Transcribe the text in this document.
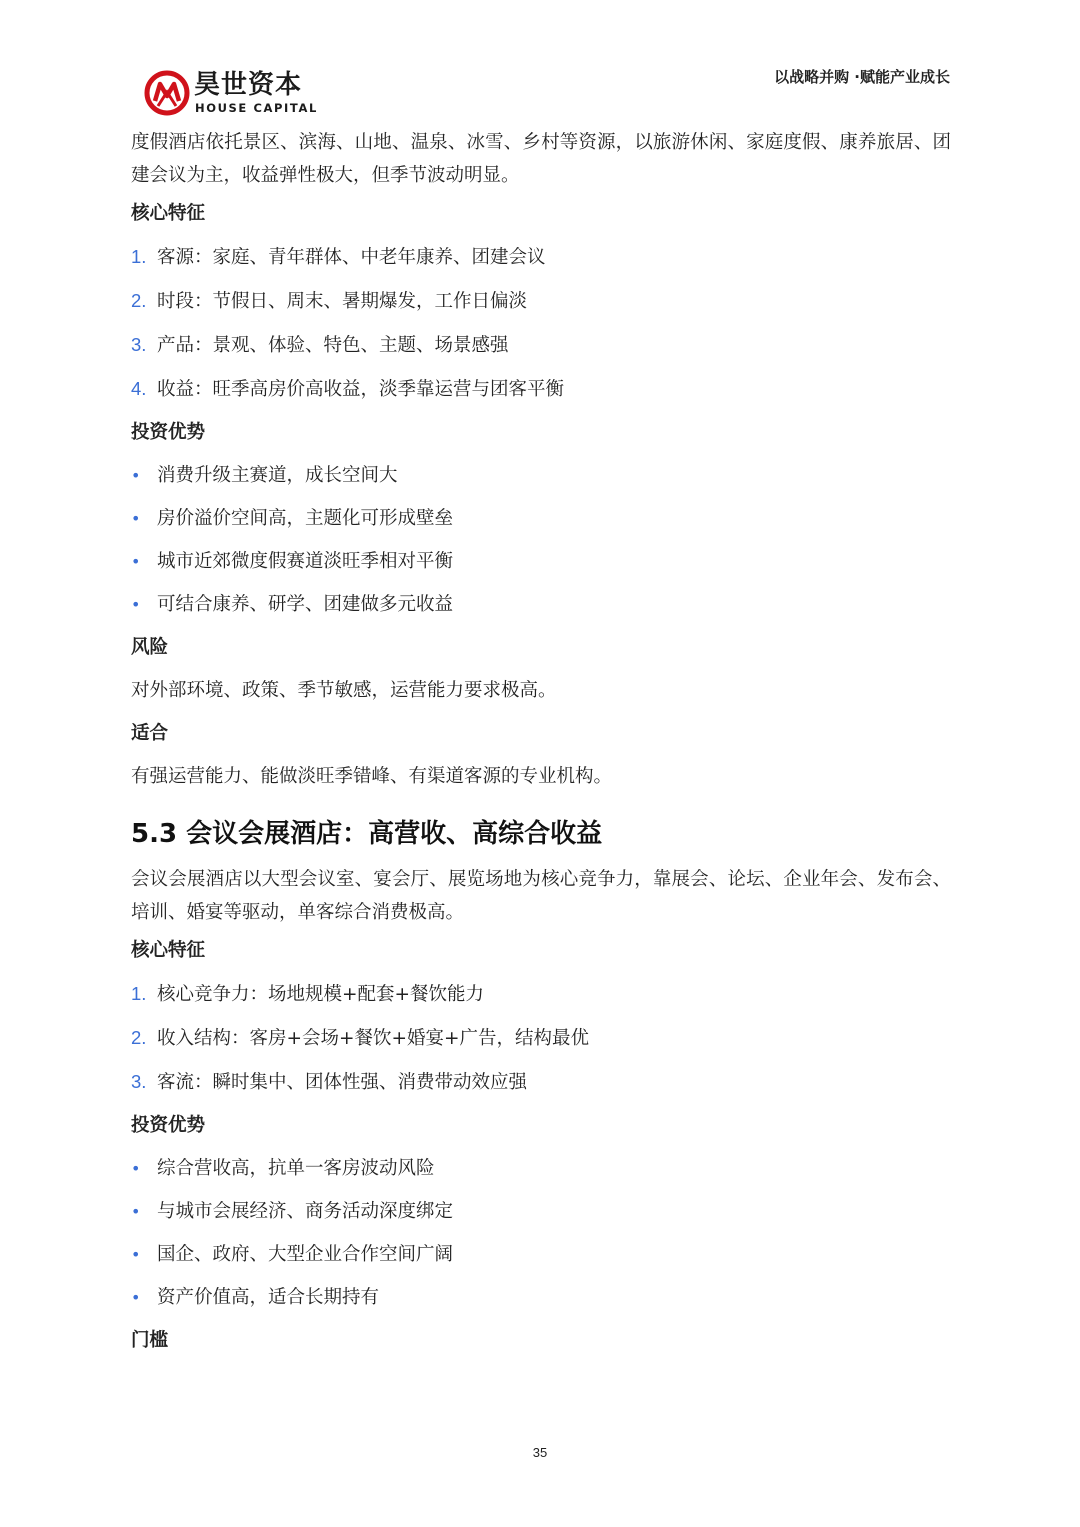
昊世资本
HOUSE CAPITAL
以战略并购 ·赋能产业成长

度假酒店依托景区、滨海、山地、温泉、冰雪、乡村等资源，以旅游休闲、家庭度假、康养旅居、团建会议为主，收益弹性极大，但季节波动明显。

核心特征
1. 客源：家庭、青年群体、中老年康养、团建会议
2. 时段：节假日、周末、暑期爆发，工作日偏淡
3. 产品：景观、体验、特色、主题、场景感强
4. 收益：旺季高房价高收益，淡季靠运营与团客平衡
投资优势
• 消费升级主赛道，成长空间大
• 房价溢价空间高，主题化可形成壁垒
• 城市近郊微度假赛道淡旺季相对平衡
• 可结合康养、研学、团建做多元收益
风险
对外部环境、政策、季节敏感，运营能力要求极高。
适合
有强运营能力、能做淡旺季错峰、有渠道客源的专业机构。
5.3 会议会展酒店：高营收、高综合收益

会议会展酒店以大型会议室、宴会厅、展览场地为核心竞争力，靠展会、论坛、企业年会、发布会、培训、婚宴等驱动，单客综合消费极高。

核心特征
1. 核心竞争力：场地规模+配套+餐饮能力
2. 收入结构：客房+会场+餐饮+婚宴+广告，结构最优
3. 客流：瞬时集中、团体性强、消费带动效应强
投资优势
• 综合营收高，抗单一客房波动风险
• 与城市会展经济、商务活动深度绑定
• 国企、政府、大型企业合作空间广阔
• 资产价值高，适合长期持有
门槛
35
